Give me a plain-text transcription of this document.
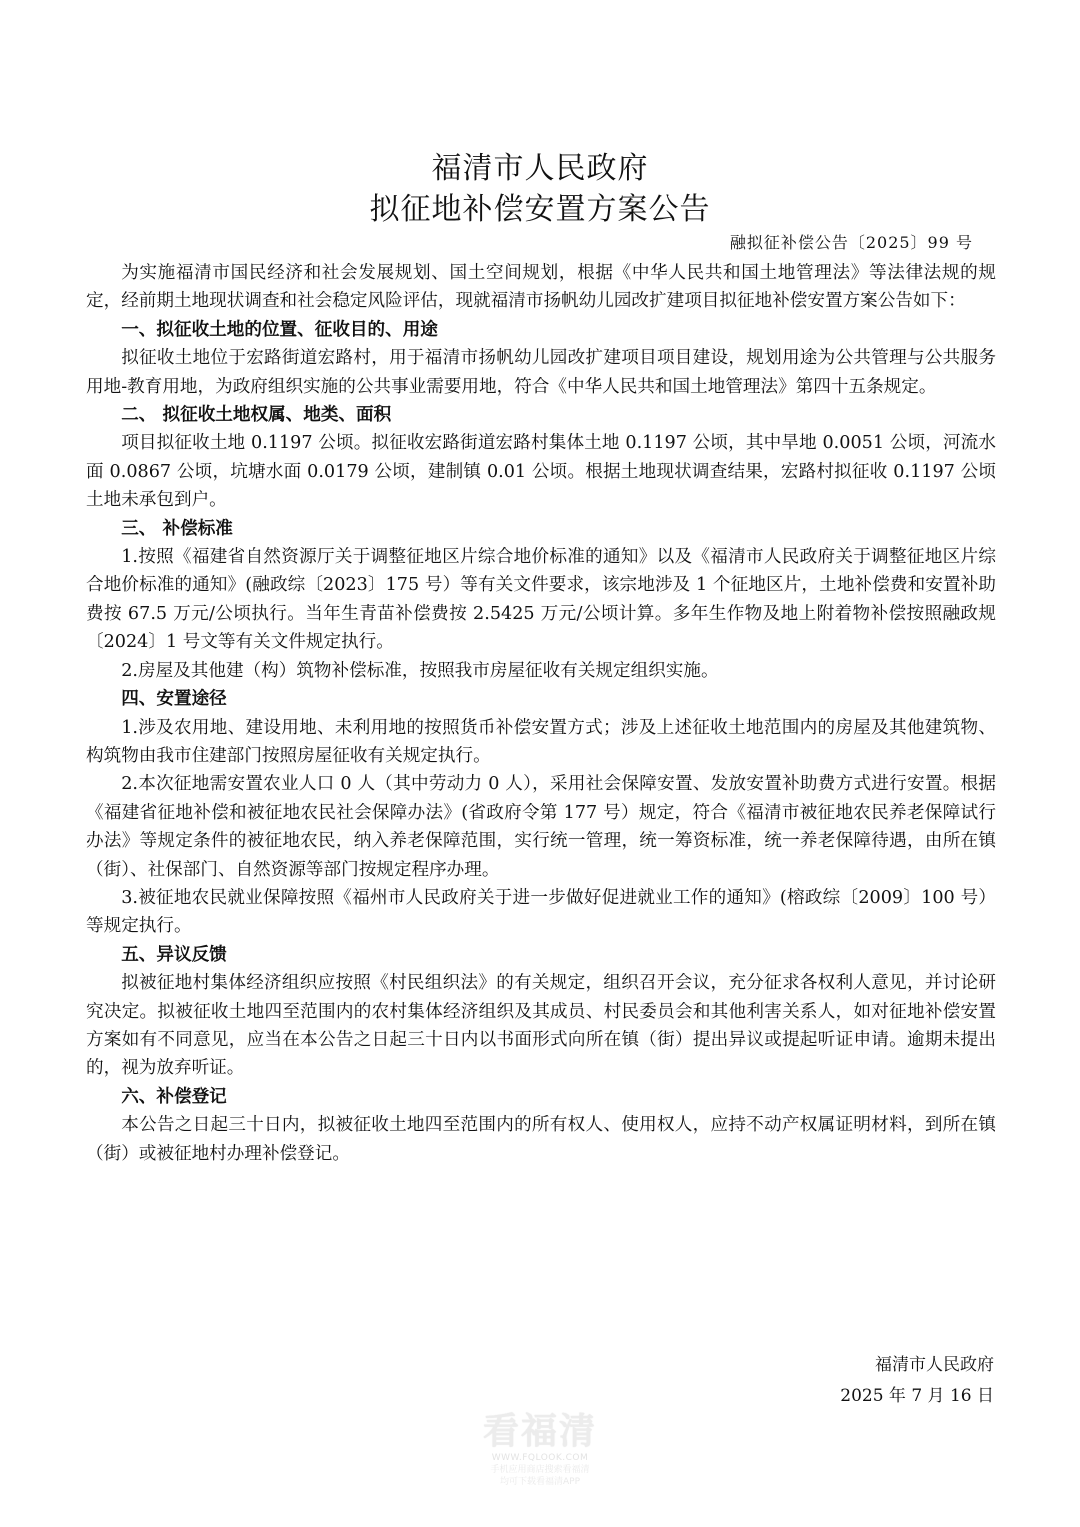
福清市人民政府
拟征地补偿安置方案公告
融拟征补偿公告〔2025〕99 号

为实施福清市国民经济和社会发展规划、国土空间规划，根据《中华人民共和国土地管理法》等法律法规的规定，经前期土地现状调查和社会稳定风险评估，现就福清市扬帆幼儿园改扩建项目拟征地补偿安置方案公告如下：

一、拟征收土地的位置、征收目的、用途

拟征收土地位于宏路街道宏路村，用于福清市扬帆幼儿园改扩建项目项目建设，规划用途为公共管理与公共服务用地-教育用地，为政府组织实施的公共事业需要用地，符合《中华人民共和国土地管理法》第四十五条规定。

二、 拟征收土地权属、地类、面积

项目拟征收土地 0.1197 公顷。拟征收宏路街道宏路村集体土地 0.1197 公顷，其中旱地 0.0051 公顷，河流水面 0.0867 公顷，坑塘水面 0.0179 公顷，建制镇 0.01 公顷。根据土地现状调查结果，宏路村拟征收 0.1197 公顷土地未承包到户。

三、 补偿标准

1.按照《福建省自然资源厅关于调整征地区片综合地价标准的通知》以及《福清市人民政府关于调整征地区片综合地价标准的通知》(融政综〔2023〕175 号）等有关文件要求，该宗地涉及 1 个征地区片，土地补偿费和安置补助费按 67.5 万元/公顷执行。当年生青苗补偿费按 2.5425 万元/公顷计算。多年生作物及地上附着物补偿按照融政规〔2024〕1 号文等有关文件规定执行。

2.房屋及其他建（构）筑物补偿标准，按照我市房屋征收有关规定组织实施。

四、安置途径

1.涉及农用地、建设用地、未利用地的按照货币补偿安置方式；涉及上述征收土地范围内的房屋及其他建筑物、构筑物由我市住建部门按照房屋征收有关规定执行。

2.本次征地需安置农业人口 0 人（其中劳动力 0 人），采用社会保障安置、发放安置补助费方式进行安置。根据《福建省征地补偿和被征地农民社会保障办法》(省政府令第 177 号）规定，符合《福清市被征地农民养老保障试行办法》等规定条件的被征地农民，纳入养老保障范围，实行统一管理，统一筹资标准，统一养老保障待遇，由所在镇（街）、社保部门、自然资源等部门按规定程序办理。

3.被征地农民就业保障按照《福州市人民政府关于进一步做好促进就业工作的通知》(榕政综〔2009〕100 号）等规定执行。

五、异议反馈

拟被征地村集体经济组织应按照《村民组织法》的有关规定，组织召开会议，充分征求各权利人意见，并讨论研究决定。拟被征收土地四至范围内的农村集体经济组织及其成员、村民委员会和其他利害关系人，如对征地补偿安置方案如有不同意见，应当在本公告之日起三十日内以书面形式向所在镇（街）提出异议或提起听证申请。逾期未提出的，视为放弃听证。

六、补偿登记

本公告之日起三十日内，拟被征收土地四至范围内的所有权人、使用权人，应持不动产权属证明材料，到所在镇（街）或被征地村办理补偿登记。

福清市人民政府
2025 年 7 月 16 日
看福清
WWW.FQLOOK.COM
手机应用商店搜索看福清
均可下载看福清APP
